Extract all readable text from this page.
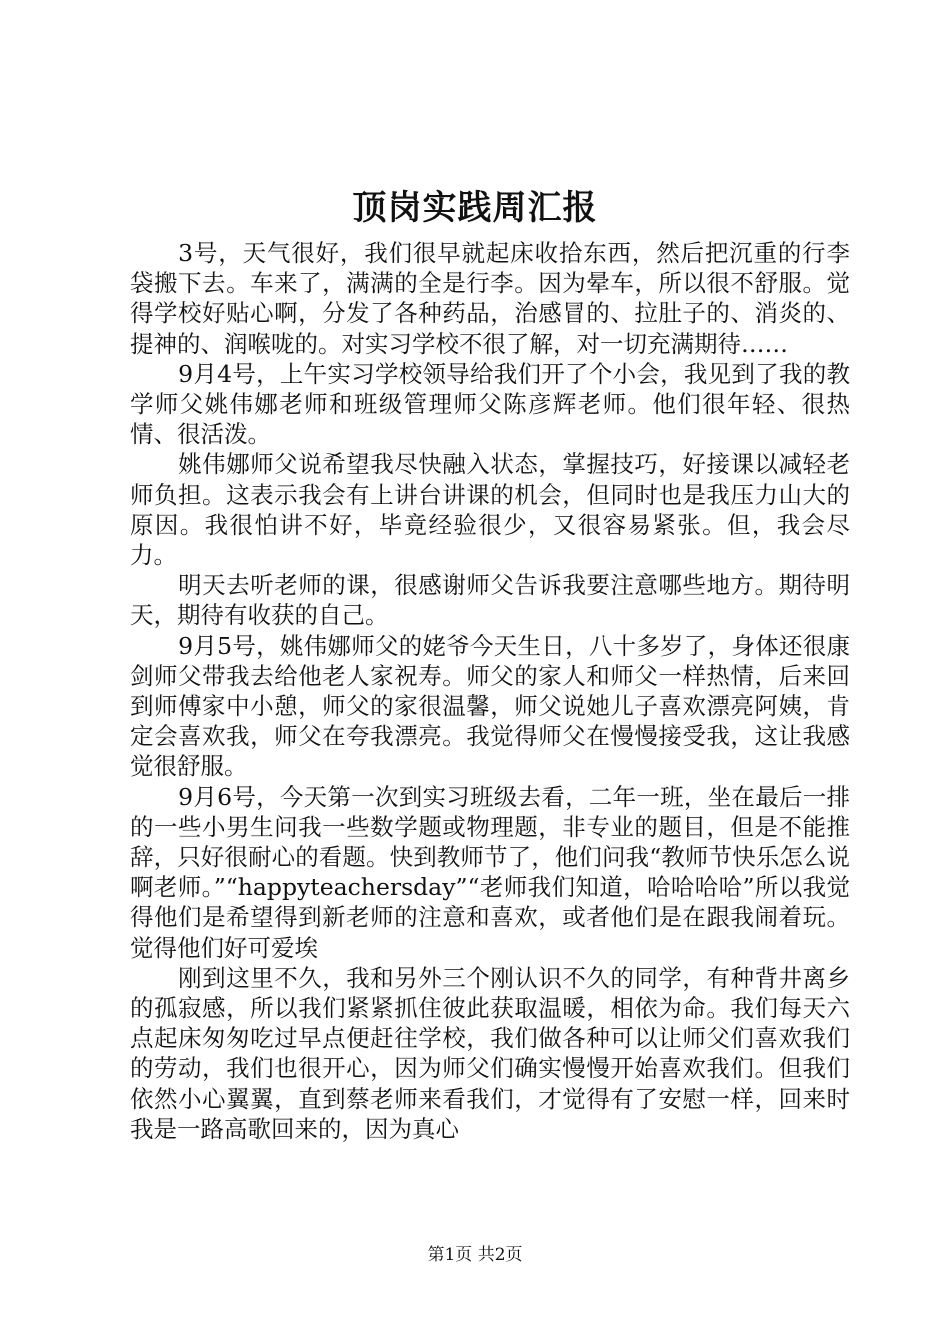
顶岗实践周汇报

3号，天气很好，我们很早就起床收拾东西，然后把沉重的行李袋搬下去。车来了，满满的全是行李。因为晕车，所以很不舒服。觉得学校好贴心啊，分发了各种药品，治感冒的、拉肚子的、消炎的、提神的、润喉咙的。对实习学校不很了解，对一切充满期待……

9月4号，上午实习学校领导给我们开了个小会，我见到了我的教学师父姚伟娜老师和班级管理师父陈彦辉老师。他们很年轻、很热情、很活泼。

姚伟娜师父说希望我尽快融入状态，掌握技巧，好接课以减轻老师负担。这表示我会有上讲台讲课的机会，但同时也是我压力山大的原因。我很怕讲不好，毕竟经验很少，又很容易紧张。但，我会尽力。

明天去听老师的课，很感谢师父告诉我要注意哪些地方。期待明天，期待有收获的自己。

9月5号，姚伟娜师父的姥爷今天生日，八十多岁了，身体还很康剑师父带我去给他老人家祝寿。师父的家人和师父一样热情，后来回到师傅家中小憩，师父的家很温馨，师父说她儿子喜欢漂亮阿姨，肯定会喜欢我，师父在夸我漂亮。我觉得师父在慢慢接受我，这让我感觉很舒服。

9月6号，今天第一次到实习班级去看，二年一班，坐在最后一排的一些小男生问我一些数学题或物理题，非专业的题目，但是不能推辞，只好很耐心的看题。快到教师节了，他们问我“教师节快乐怎么说啊老师。”“happyteachersday”“老师我们知道，哈哈哈哈”所以我觉得他们是希望得到新老师的注意和喜欢，或者他们是在跟我闹着玩。觉得他们好可爱埃

刚到这里不久，我和另外三个刚认识不久的同学，有种背井离乡的孤寂感，所以我们紧紧抓住彼此获取温暖，相依为命。我们每天六点起床匆匆吃过早点便赶往学校，我们做各种可以让师父们喜欢我们的劳动，我们也很开心，因为师父们确实慢慢开始喜欢我们。但我们依然小心翼翼，直到蔡老师来看我们，才觉得有了安慰一样，回来时我是一路高歌回来的，因为真心

第1页 共2页
